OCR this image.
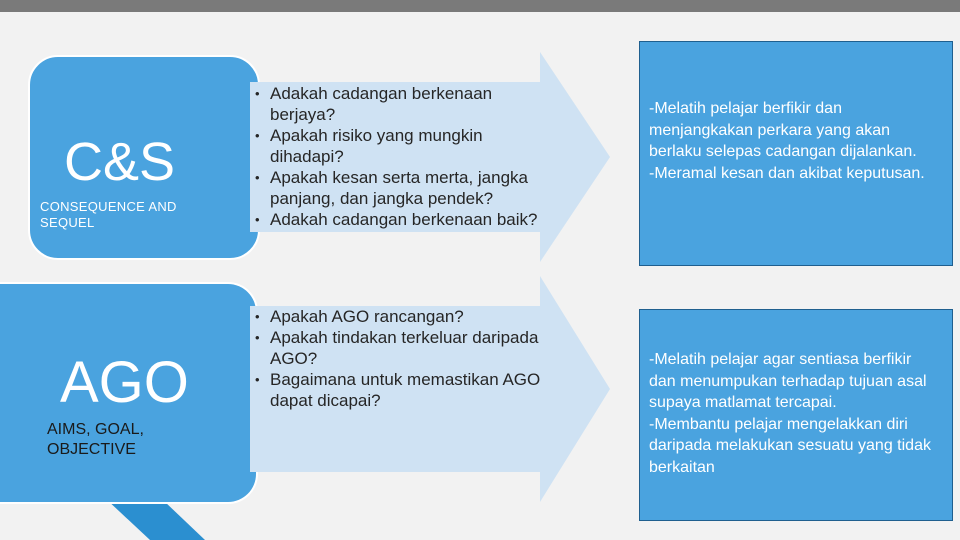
C&S
CONSEQUENCE AND SEQUEL
• Adakah cadangan berkenaan berjaya?
• Apakah risiko yang mungkin dihadapi?
• Apakah kesan serta merta, jangka panjang, dan jangka pendek?
• Adakah cadangan berkenaan baik?
-Melatih pelajar berfikir dan menjangkakan perkara yang akan berlaku selepas cadangan dijalankan.
-Meramal kesan dan akibat keputusan.
AGO
AIMS, GOAL, OBJECTIVE
• Apakah AGO rancangan?
• Apakah tindakan terkeluar daripada AGO?
• Bagaimana untuk memastikan AGO dapat dicapai?
-Melatih pelajar agar sentiasa berfikir dan menumpukan terhadap tujuan asal supaya matlamat tercapai.
-Membantu pelajar mengelakkan diri daripada melakukan sesuatu yang tidak berkaitan
